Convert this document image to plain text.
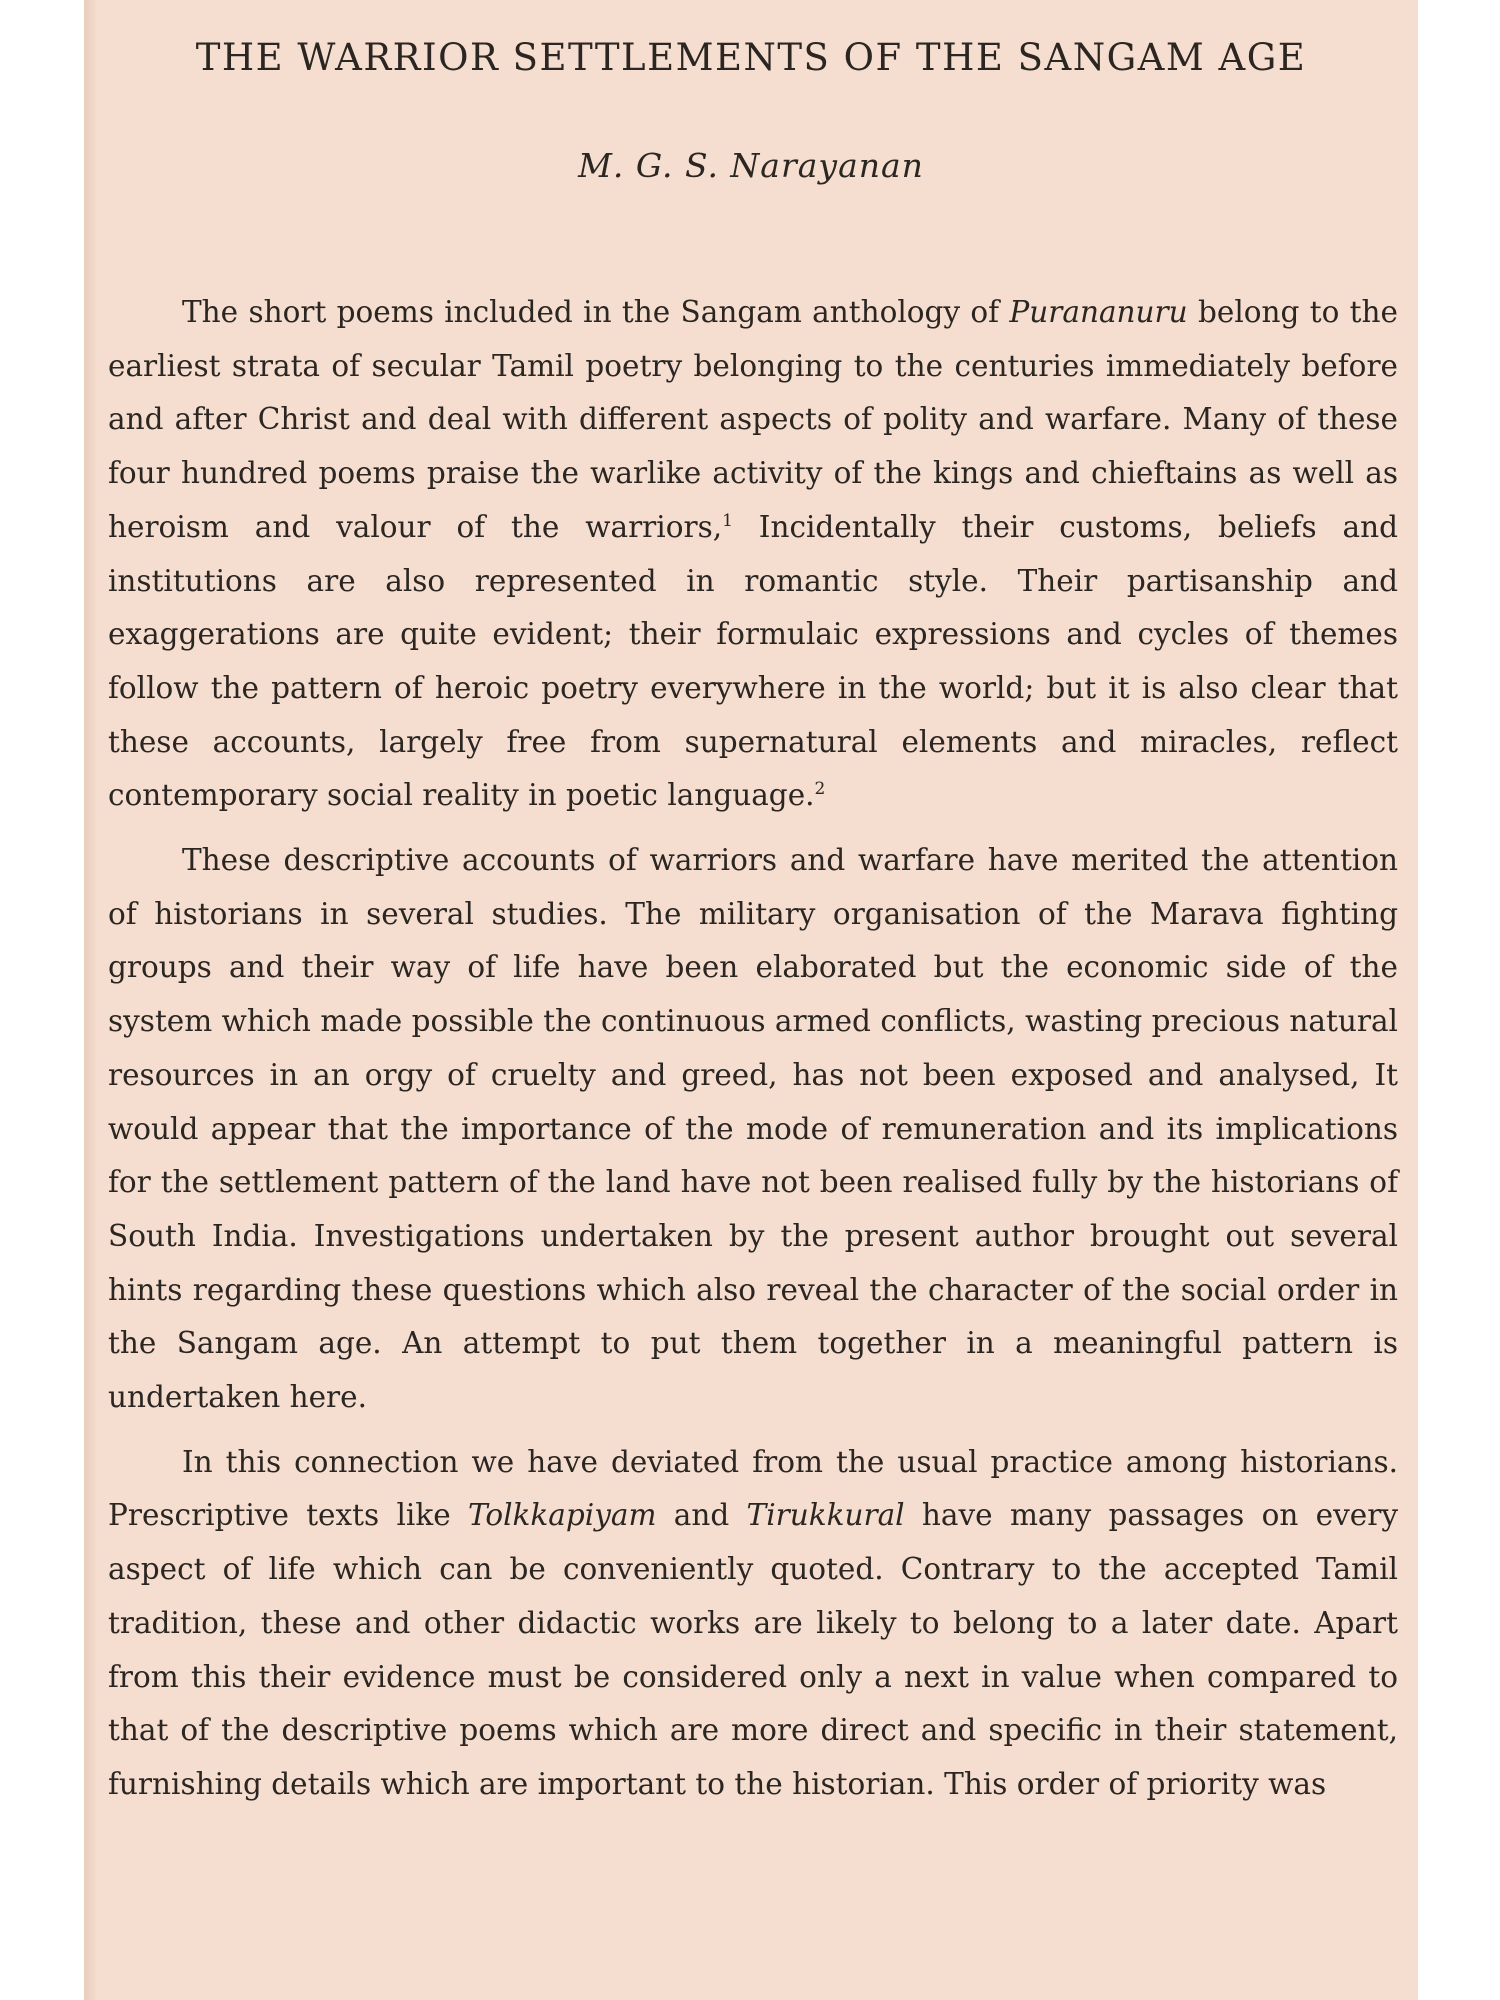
THE WARRIOR SETTLEMENTS OF THE SANGAM AGE

M. G. S. Narayanan

The short poems included in the Sangam anthology of Purananuru belong to the earliest strata of secular Tamil poetry belonging to the centuries immediately before and after Christ and deal with different aspects of polity and warfare. Many of these four hundred poems praise the warlike activity of the kings and chieftains as well as heroism and valour of the warriors,$^1$ Incidentally their customs, beliefs and institutions are also represented in romantic style. Their partisanship and exaggerations are quite evident; their formulaic expressions and cycles of themes follow the pattern of heroic poetry everywhere in the world; but it is also clear that these accounts, largely free from supernatural elements and miracles, reflect contemporary social reality in poetic language.$^2$

These descriptive accounts of warriors and warfare have merited the attention of historians in several studies. The military organisation of the Marava fighting groups and their way of life have been elaborated but the economic side of the system which made possible the continuous armed conflicts, wasting precious natural resources in an orgy of cruelty and greed, has not been exposed and analysed, It would appear that the importance of the mode of remuneration and its implications for the settlement pattern of the land have not been realised fully by the historians of South India. Investigations undertaken by the present author brought out several hints regarding these questions which also reveal the character of the social order in the Sangam age. An attempt to put them together in a meaningful pattern is undertaken here.

In this connection we have deviated from the usual practice among historians. Prescriptive texts like Tolkkapiyam and Tirukkural have many passages on every aspect of life which can be conveniently quoted. Contrary to the accepted Tamil tradition, these and other didactic works are likely to belong to a later date. Apart from this their evidence must be considered only a next in value when compared to that of the descriptive poems which are more direct and specific in their statement, furnishing details which are important to the historian. This order of priority was
